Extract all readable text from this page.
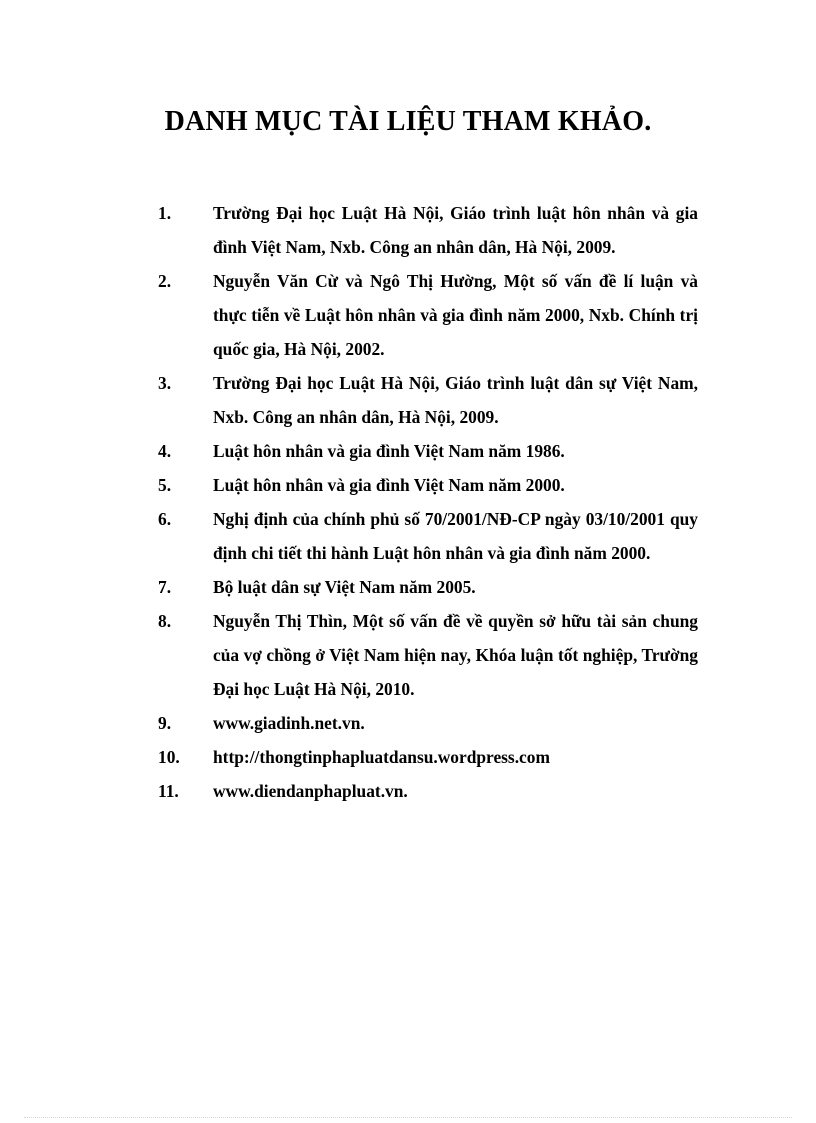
DANH MỤC TÀI LIỆU THAM KHẢO.
1.	Trường Đại học Luật Hà Nội, Giáo trình luật hôn nhân và gia đình Việt Nam, Nxb. Công an nhân dân, Hà Nội, 2009.
2.	Nguyễn Văn Cừ và Ngô Thị Hường, Một số vấn đề lí luận và thực tiễn về Luật hôn nhân và gia đình năm 2000, Nxb. Chính trị quốc gia, Hà Nội, 2002.
3.	Trường Đại học Luật Hà Nội, Giáo trình luật dân sự Việt Nam, Nxb. Công an nhân dân, Hà Nội, 2009.
4.	Luật hôn nhân và gia đình Việt Nam năm 1986.
5.	Luật hôn nhân và gia đình Việt Nam năm 2000.
6.	Nghị định của chính phủ số 70/2001/NĐ-CP ngày 03/10/2001 quy định chi tiết thi hành Luật hôn nhân và gia đình năm 2000.
7.	Bộ luật dân sự Việt Nam năm 2005.
8.	Nguyễn Thị Thìn, Một số vấn đề về quyền sở hữu tài sản chung của vợ chồng ở Việt Nam hiện nay, Khóa luận tốt nghiệp, Trường Đại học Luật Hà Nội, 2010.
9.	www.giadinh.net.vn.
10.	http://thongtinphapluatdansu.wordpress.com
11.	www.diendanphapluat.vn.
